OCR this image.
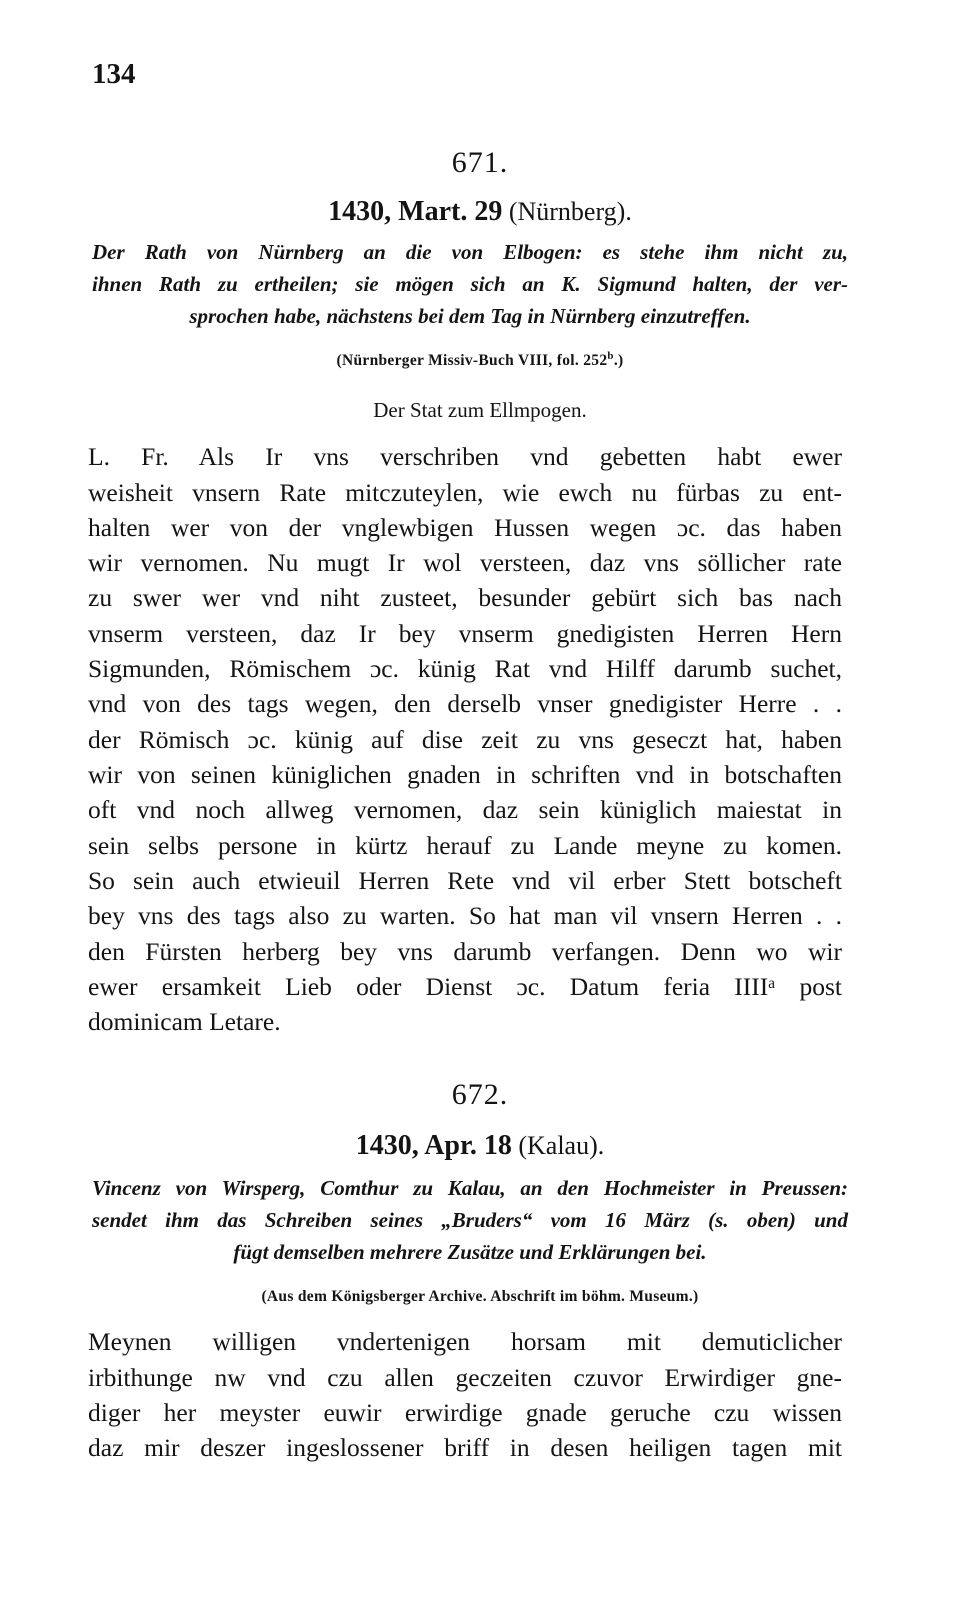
134
671.
1430, Mart. 29 (Nürnberg).
Der Rath von Nürnberg an die von Elbogen: es stehe ihm nicht zu,
ihnen Rath zu ertheilen; sie mögen sich an K. Sigmund halten, der ver-
sprochen habe, nächstens bei dem Tag in Nürnberg einzutreffen.
(Nürnberger Missiv-Buch VIII, fol. 252$^b$.)
Der Stat zum Ellmpogen.
L. Fr. Als Ir vns verschriben vnd gebetten habt ewer
weisheit vnsern Rate mitczuteylen, wie ewch nu fürbas zu ent-
halten wer von der vnglewbigen Hussen wegen ɔc. das haben
wir vernomen. Nu mugt Ir wol versteen, daz vns söllicher rate
zu swer wer vnd niht zusteet, besunder gebürt sich bas nach
vnserm versteen, daz Ir bey vnserm gnedigisten Herren Hern
Sigmunden, Römischem ɔc. künig Rat vnd Hilff darumb suchet,
vnd von des tags wegen, den derselb vnser gnedigister Herre . .
der Römisch ɔc. künig auf dise zeit zu vns geseczt hat, haben
wir von seinen küniglichen gnaden in schriften vnd in botschaften
oft vnd noch allweg vernomen, daz sein küniglich maiestat in
sein selbs persone in kürtz herauf zu Lande meyne zu komen.
So sein auch etwieuil Herren Rete vnd vil erber Stett botscheft
bey vns des tags also zu warten. So hat man vil vnsern Herren . .
den Fürsten herberg bey vns darumb verfangen. Denn wo wir
ewer ersamkeit Lieb oder Dienst ɔc. Datum feria IIIIᵃ post
dominicam Letare.
672.
1430, Apr. 18 (Kalau).
Vincenz von Wirsperg, Comthur zu Kalau, an den Hochmeister in Preussen:
sendet ihm das Schreiben seines „Bruders“ vom 16 März (s. oben) und
fügt demselben mehrere Zusätze und Erklärungen bei.
(Aus dem Königsberger Archive. Abschrift im böhm. Museum.)
Meynen willigen vndertenigen horsam mit demuticlicher
irbithunge nw vnd czu allen geczeiten czuvor Erwirdiger gne-
diger her meyster euwir erwirdige gnade geruche czu wissen
daz mir deszer ingeslossener briff in desen heiligen tagen mit
